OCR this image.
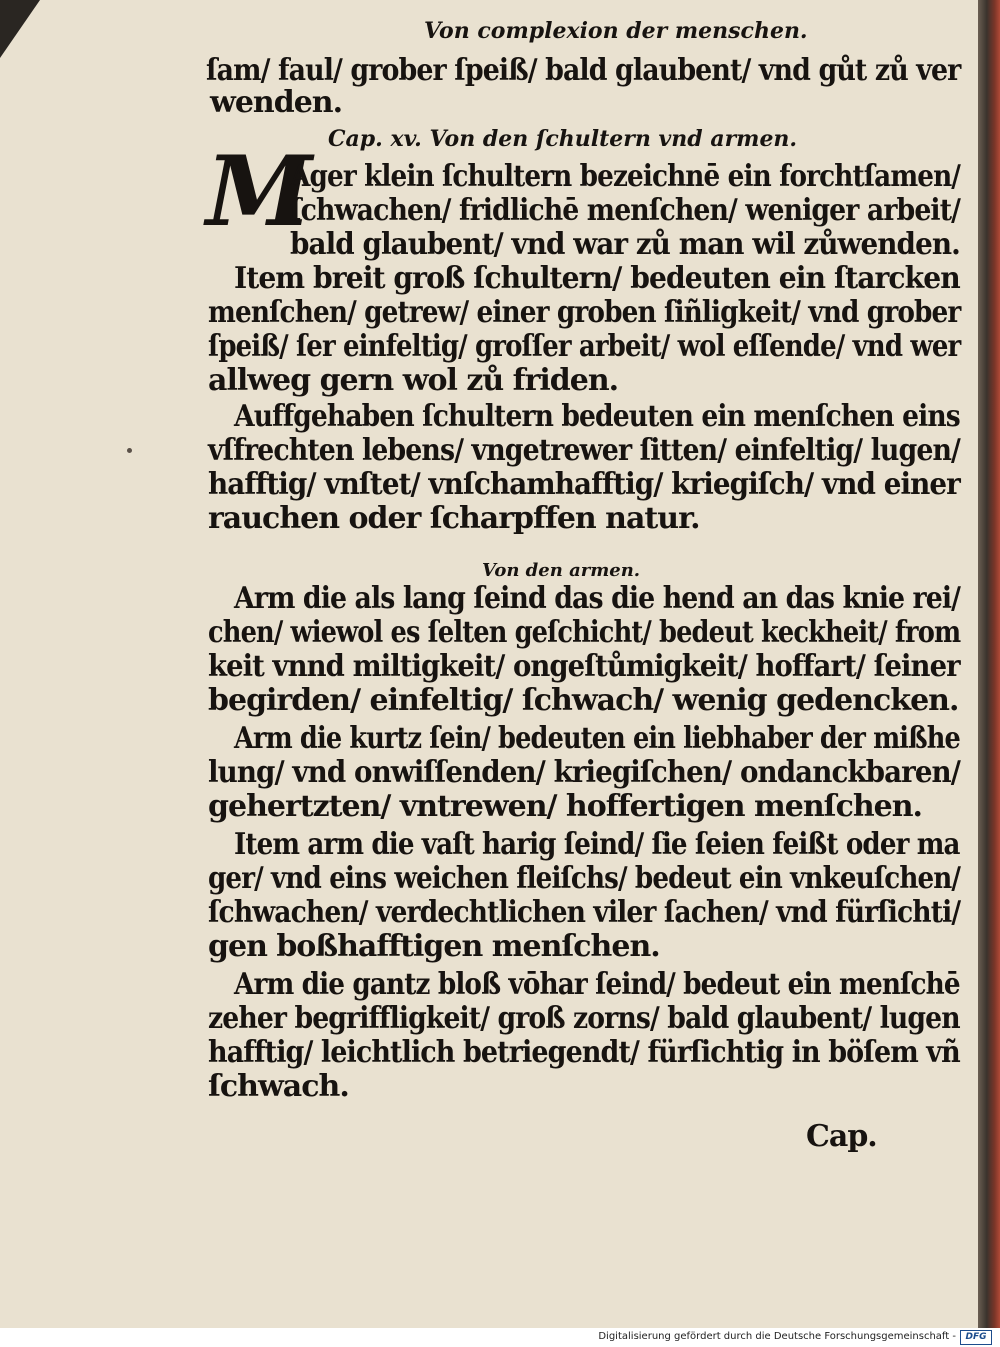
Von complexion der menschen.
ſam/ faul/ grober ſpeiß/ bald glaubent/ vnd gůt zů ver
wenden.
Cap. xv. Von den ſchultern vnd armen.
M
Ager klein ſchultern bezeichnē ein forchtſamen/
ſchwachen/ fridlichē menſchen/ weniger arbeit/
bald glaubent/ vnd war zů man wil zůwenden.
Item breit groß ſchultern/ bedeuten ein ſtarcken
menſchen/ getrew/ einer groben ſiñligkeit/ vnd grober
ſpeiß/ ſer einfeltig/ groſſer arbeit/ wol eſſende/ vnd wer
allweg gern wol zů friden.
Auffgehaben ſchultern bedeuten ein menſchen eins
vſfrechten lebens/ vngetrewer ſitten/ einfeltig/ lugen/
hafftig/ vnſtet/ vnſchamhafftig/ kriegiſch/ vnd einer
rauchen oder ſcharpffen natur.
Von den armen.
Arm die als lang ſeind das die hend an das knie rei/
chen/ wiewol es ſelten geſchicht/ bedeut keckheit/ from
keit vnnd miltigkeit/ ongeſtůmigkeit/ hoffart/ ſeiner
begirden/ einfeltig/ ſchwach/ wenig gedencken.
Arm die kurtz ſein/ bedeuten ein liebhaber der mißhe
lung/ vnd onwiſſenden/ kriegiſchen/ ondanckbaren/
gehertzten/ vntrewen/ hoffertigen menſchen.
Item arm die vaſt harig ſeind/ ſie ſeien feißt oder ma
ger/ vnd eins weichen fleiſchs/ bedeut ein vnkeuſchen/
ſchwachen/ verdechtlichen viler ſachen/ vnd fürſichti/
gen boßhafftigen menſchen.
Arm die gantz bloß vōhar ſeind/ bedeut ein menſchē
zeher begriffligkeit/ groß zorns/ bald glaubent/ lugen
hafftig/ leichtlich betriegendt/ fürſichtig in böſem vñ
ſchwach.
Cap.
Digitalisierung gefördert durch die Deutsche Forschungsgemeinschaft -	DFG
